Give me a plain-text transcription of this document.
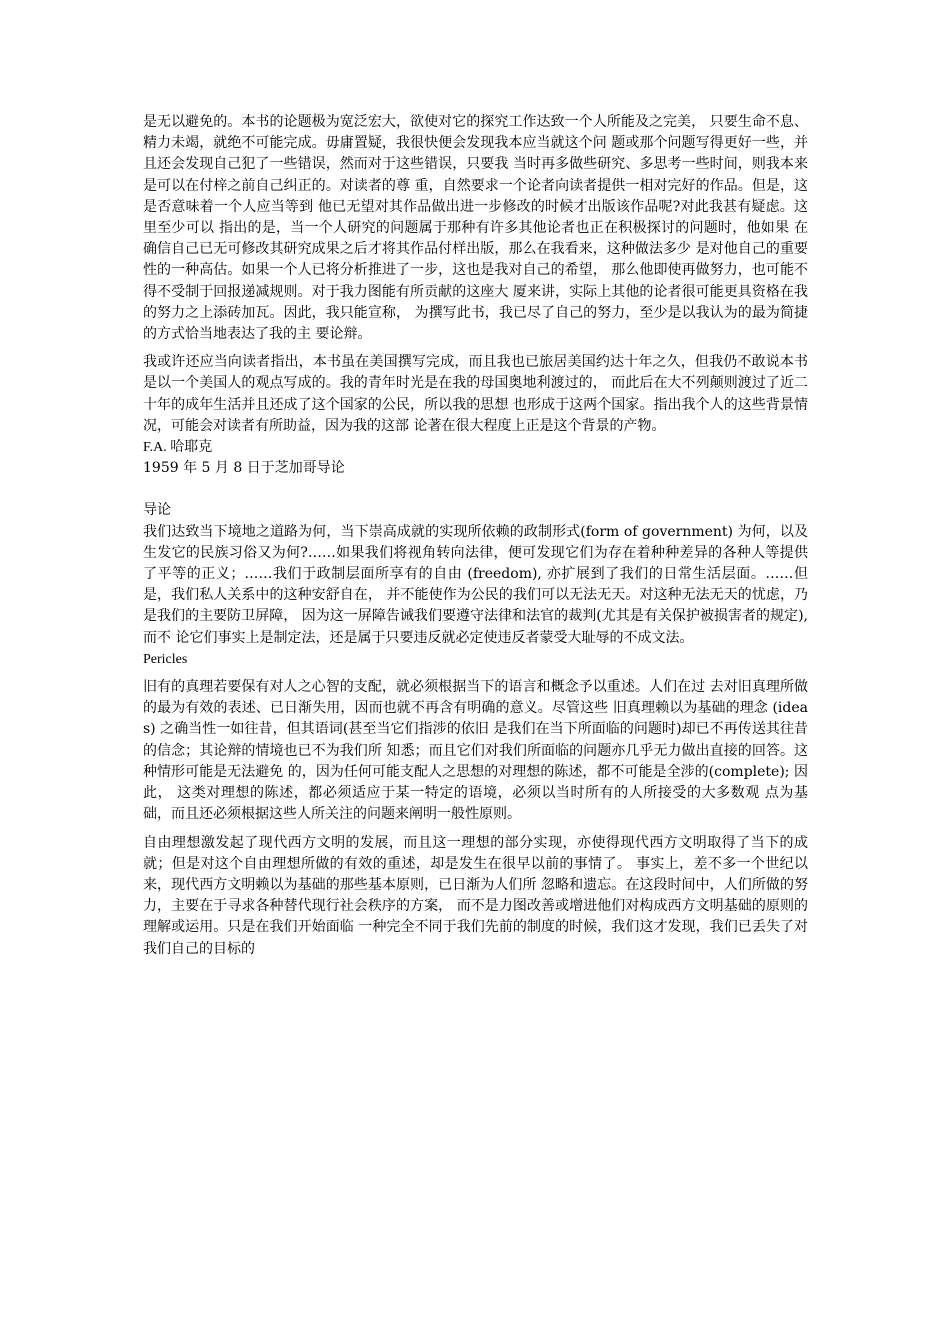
是无以避免的。本书的论题极为宽泛宏大，欲使对它的探究工作达致一个人所能及之完美， 只要生命不息、精力未竭，就绝不可能完成。毋庸置疑，我很快便会发现我本应当就这个问 题或那个问题写得更好一些，并且还会发现自己犯了一些错误，然而对于这些错误，只要我 当时再多做些研究、多思考一些时间，则我本来是可以在付梓之前自己纠正的。对读者的尊 重，自然要求一个论者向读者提供一相对完好的作品。但是，这是否意味着一个人应当等到 他已无望对其作品做出进一步修改的时候才出版该作品呢?对此我甚有疑虑。这里至少可以 指出的是，当一个人研究的问题属于那种有许多其他论者也正在积极探讨的问题时，他如果 在确信自己已无可修改其研究成果之后才将其作品付样出版，那么在我看来，这种做法多少 是对他自己的重要性的一种高估。如果一个人已将分析推进了一步，这也是我对自己的希望， 那么他即使再做努力，也可能不得不受制于回报递减规则。对于我力图能有所贡献的这座大 厦来讲，实际上其他的论者很可能更具资格在我的努力之上添砖加瓦。因此，我只能宣称， 为撰写此书，我已尽了自己的努力，至少是以我认为的最为简捷的方式恰当地表达了我的主 要论辩。

我或许还应当向读者指出，本书虽在美国撰写完成，而且我也已旅居美国约达十年之久，但我仍不敢说本书是以一个美国人的观点写成的。我的青年时光是在我的母国奥地利渡过的， 而此后在大不列颠则渡过了近二十年的成年生活并且还成了这个国家的公民，所以我的思想 也形成于这两个国家。指出我个人的这些背景情况，可能会对读者有所助益，因为我的这部 论著在很大程度上正是这个背景的产物。

F.A. 哈耶克

1959 年 5 月 8 日于芝加哥导论

导论

我们达致当下境地之道路为何，当下崇高成就的实现所依赖的政制形式(form of government) 为何，以及生发它的民族习俗又为何?……如果我们将视角转向法律，便可发现它们为存在着种种差异的各种人等提供了平等的正义；……我们于政制层面所享有的自由 (freedom), 亦扩展到了我们的日常生活层面。……但是，我们私人关系中的这种安舒自在， 并不能使作为公民的我们可以无法无天。对这种无法无天的忧虑，乃是我们的主要防卫屏障， 因为这一屏障告诫我们要遵守法律和法官的裁判(尤其是有关保护被损害者的规定),而不 论它们事实上是制定法，还是属于只要违反就必定使违反者蒙受大耻辱的不成文法。

Pericles

旧有的真理若要保有对人之心智的支配，就必须根据当下的语言和概念予以重述。人们在过 去对旧真理所做的最为有效的表述、已日渐失用，因而也就不再含有明确的意义。尽管这些 旧真理赖以为基础的理念 (ideas) 之确当性一如往昔，但其语词(甚至当它们指涉的依旧 是我们在当下所面临的问题时)却已不再传送其往昔的信念；其论辩的情境也已不为我们所 知悉；而且它们对我们所面临的问题亦几乎无力做出直接的回答。这种情形可能是无法避免 的，因为任何可能支配人之思想的对理想的陈述，都不可能是全涉的(complete); 因此， 这类对理想的陈述，都必须适应于某一特定的语境，必须以当时所有的人所接受的大多数观 点为基础，而且还必须根据这些人所关注的问题来阐明一般性原则。

自由理想激发起了现代西方文明的发展，而且这一理想的部分实现，亦使得现代西方文明取得了当下的成就；但是对这个自由理想所做的有效的重述，却是发生在很早以前的事情了。 事实上，差不多一个世纪以来，现代西方文明赖以为基础的那些基本原则，已日渐为人们所 忽略和遗忘。在这段时间中，人们所做的努力，主要在于寻求各种替代现行社会秩序的方案， 而不是力图改善或增进他们对构成西方文明基础的原则的理解或运用。只是在我们开始面临 一种完全不同于我们先前的制度的时候，我们这才发现，我们已丢失了对我们自己的目标的
